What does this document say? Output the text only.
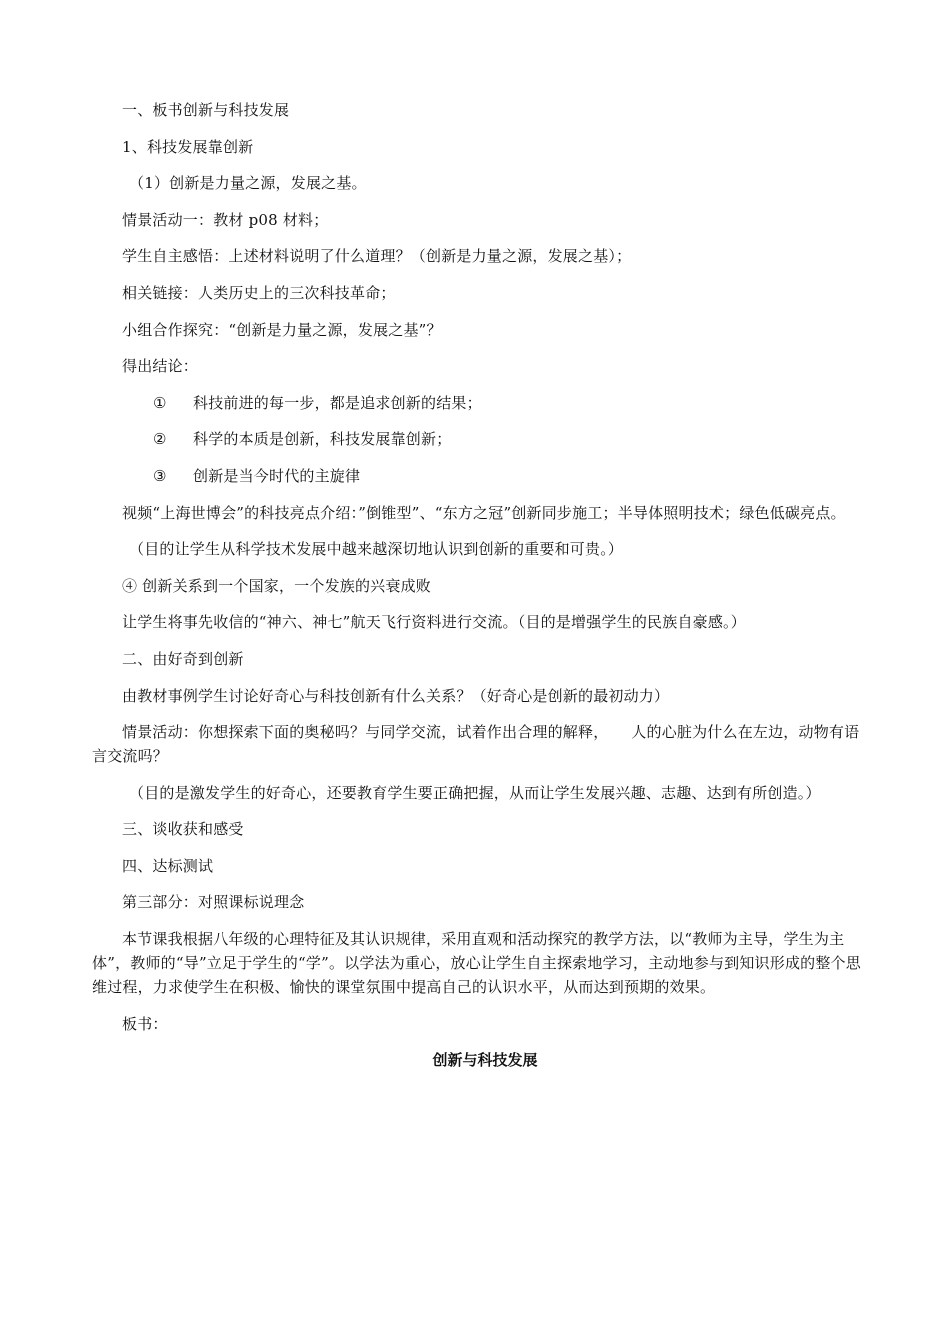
一、板书创新与科技发展

1、科技发展靠创新

（1）创新是力量之源，发展之基。

情景活动一：教材 p08 材料；

学生自主感悟：上述材料说明了什么道理？（创新是力量之源，发展之基）；

相关链接：人类历史上的三次科技革命；

小组合作探究：“创新是力量之源，发展之基”？

得出结论：

① 科技前进的每一步，都是追求创新的结果；
② 科学的本质是创新，科技发展靠创新；
③ 创新是当今时代的主旋律

视频“上海世博会”的科技亮点介绍：”倒锥型”、“东方之冠”创新同步施工；半导体照明技术；绿色低碳亮点。

（目的让学生从科学技术发展中越来越深切地认识到创新的重要和可贵。）

④ 创新关系到一个国家，一个发族的兴衰成败

让学生将事先收信的“神六、神七”航天飞行资料进行交流。（目的是增强学生的民族自豪感。）

二、由好奇到创新

由教材事例学生讨论好奇心与科技创新有什么关系？（好奇心是创新的最初动力）

情景活动：你想探索下面的奥秘吗？与同学交流，试着作出合理的解释，　　人的心脏为什么在左边，动物有语言交流吗？

（目的是激发学生的好奇心，还要教育学生要正确把握，从而让学生发展兴趣、志趣、达到有所创造。）

三、谈收获和感受

四、达标测试

第三部分：对照课标说理念

本节课我根据八年级的心理特征及其认识规律，采用直观和活动探究的教学方法，以“教师为主导，学生为主体”，教师的“导”立足于学生的“学”。以学法为重心，放心让学生自主探索地学习，主动地参与到知识形成的整个思维过程，力求使学生在积极、愉快的课堂氛围中提高自己的认识水平，从而达到预期的效果。

板书：

创新与科技发展
